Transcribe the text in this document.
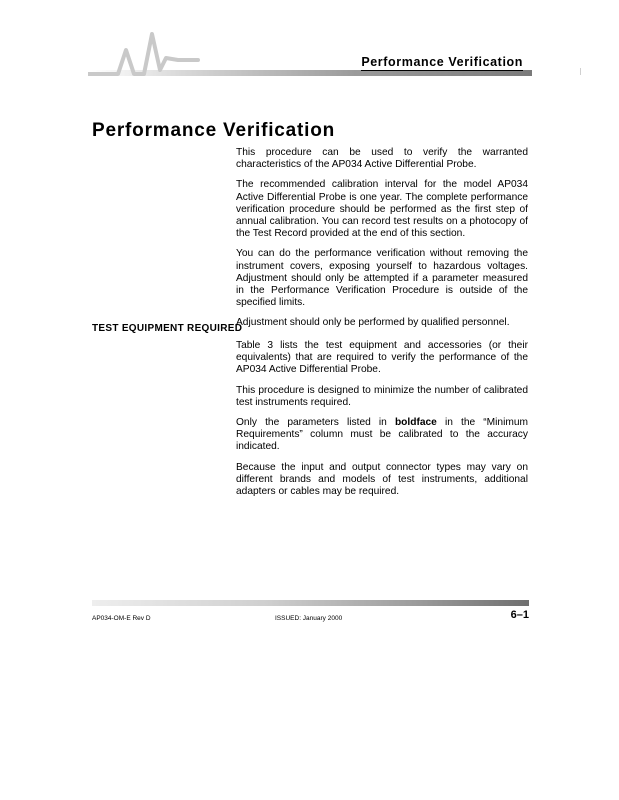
Performance Verification
Performance Verification

This procedure can be used to verify the warranted characteristics of the AP034 Active Differential Probe.

The recommended calibration interval for the model AP034 Active Differential Probe is one year. The complete performance verification procedure should be performed as the first step of annual calibration. You can record test results on a photocopy of the Test Record provided at the end of this section.

You can do the performance verification without removing the instrument covers, exposing yourself to hazardous voltages. Adjustment should only be attempted if a parameter measured in the Performance Verification Procedure is outside of the specified limits.

Adjustment should only be performed by qualified personnel.

TEST EQUIPMENT REQUIRED

Table 3 lists the test equipment and accessories (or their equivalents) that are required to verify the performance of the AP034 Active Differential Probe.

This procedure is designed to minimize the number of calibrated test instruments required.

Only the parameters listed in boldface in the “Minimum Requirements” column must be calibrated to the accuracy indicated.

Because the input and output connector types may vary on different brands and models of test instruments, additional adapters or cables may be required.

AP034-OM-E Rev D	ISSUED: January 2000	6–1
